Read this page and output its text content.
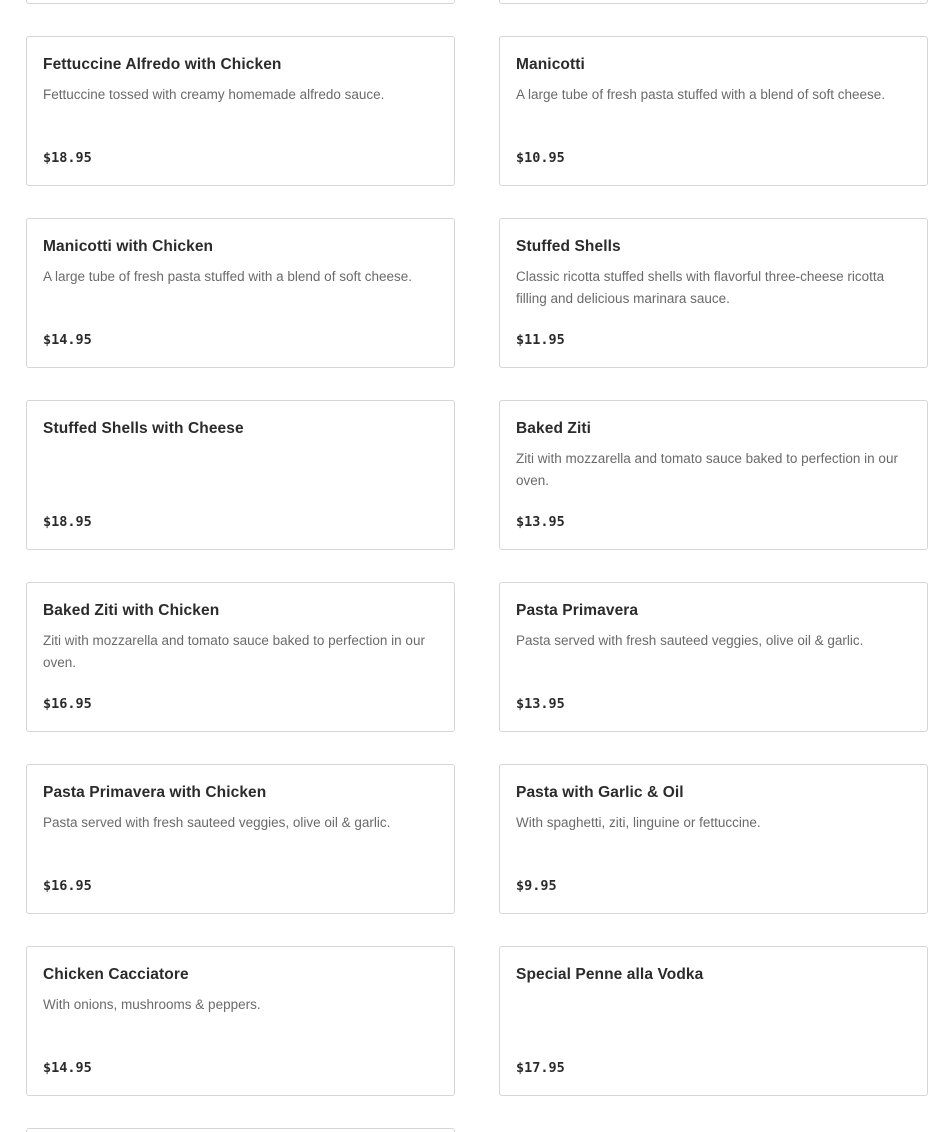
Fettuccine Alfredo with Chicken
Fettuccine tossed with creamy homemade alfredo sauce.
$18.95
Manicotti
A large tube of fresh pasta stuffed with a blend of soft cheese.
$10.95
Manicotti with Chicken
A large tube of fresh pasta stuffed with a blend of soft cheese.
$14.95
Stuffed Shells
Classic ricotta stuffed shells with flavorful three-cheese ricotta filling and delicious marinara sauce.
$11.95
Stuffed Shells with Cheese
$18.95
Baked Ziti
Ziti with mozzarella and tomato sauce baked to perfection in our oven.
$13.95
Baked Ziti with Chicken
Ziti with mozzarella and tomato sauce baked to perfection in our oven.
$16.95
Pasta Primavera
Pasta served with fresh sauteed veggies, olive oil & garlic.
$13.95
Pasta Primavera with Chicken
Pasta served with fresh sauteed veggies, olive oil & garlic.
$16.95
Pasta with Garlic & Oil
With spaghetti, ziti, linguine or fettuccine.
$9.95
Chicken Cacciatore
With onions, mushrooms & peppers.
$14.95
Special Penne alla Vodka
$17.95
